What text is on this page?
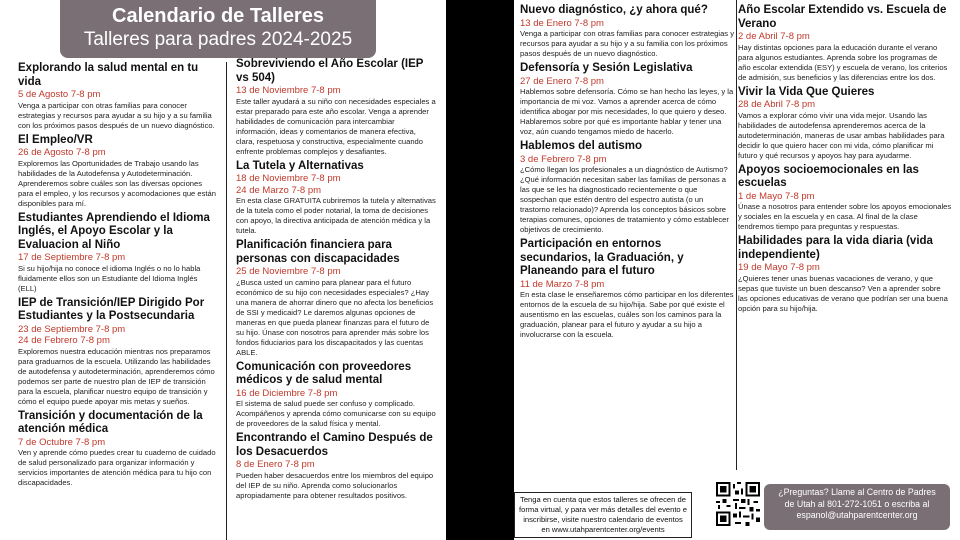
Calendario de Talleres
Talleres para padres 2024-2025
Explorando la salud mental en tu vida
5 de Agosto 7-8 pm
Venga a participar con otras familias para conocer estrategias y recursos para ayudar a su hijo y a su familia con los próximos pasos después de un nuevo diagnóstico.
El Empleo/VR
26 de Agosto 7-8 pm
Exploremos las Oportunidades de Trabajo usando las habilidades de la Autodefensa y Autodeterminación. Aprenderemos sobre cuáles son las diversas opciones para el empleo, y los recursos y acomodaciones que están disponibles para mí.
Estudiantes Aprendiendo el Idioma Inglés, el Apoyo Escolar y la Evaluacion al Niño
17 de Septiembre 7-8 pm
Si su hijo/hija no conoce el idioma Inglés o no lo habla fluidamente ellos son un Estudiante del Idioma Inglés (ELL)
IEP de Transición/IEP Dirigido Por Estudiantes y la Postsecundaria
23 de Septiembre 7-8 pm
24 de Febrero 7-8 pm
Exploremos nuestra educación mientras nos preparamos para graduarnos de la escuela. Utilizando las habilidades de autodefensa y autodeterminación, aprenderemos cómo podemos ser parte de nuestro plan de IEP de transición para la escuela, planificar nuestro equipo de transición y cómo el equipo puede apoyar mis metas y sueños.
Transición y documentación de la atención médica
7 de Octubre 7-8 pm
Ven y aprende cómo puedes crear tu cuaderno de cuidado de salud personalizado para organizar información y servicios importantes de atención médica para tu hijo con discapacidades.
Sobreviviendo el Año Escolar (IEP vs 504)
13 de Noviembre 7-8 pm
Este taller ayudará a su niño con necesidades especiales a estar preparado para este año escolar. Venga a aprender habilidades de comunicación para intercambiar información, ideas y comentarios de manera efectiva, clara, respetuosa y constructiva, especialmente cuando enfrente problemas complejos y desafiantes.
La Tutela y Alternativas
18 de Noviembre 7-8 pm
24 de Marzo 7-8 pm
En esta clase GRATUITA cubriremos la tutela y alternativas de la tutela como el poder notarial, la toma de decisiones con apoyo, la directiva anticipada de atención médica y la tutela.
Planificación financiera para personas con discapacidades
25 de Noviembre 7-8 pm
¿Busca usted un camino para planear para el futuro económico de su hijo con necesidades especiales? ¿Hay una manera de ahorrar dinero que no afecta los beneficios de SSI y medicaid? Le daremos algunas opciones de maneras en que pueda planear finanzas para el futuro de su hijo. Únase con nosotros para aprender más sobre los fondos fiduciarios para los discapacitados y las cuentas ABLE.
Comunicación con proveedores médicos y de salud mental
16 de Diciembre 7-8 pm
El sistema de salud puede ser confuso y complicado. Acompáñenos y aprenda cómo comunicarse con su equipo de proveedores de la salud física y mental.
Encontrando el Camino Después de los Desacuerdos
8 de Enero 7-8 pm
Pueden haber desacuerdos entre los miembros del equipo del IEP de su niño. Aprenda como solucionarlos apropiadamente para obtener resultados positivos.
Nuevo diagnóstico, ¿y ahora qué?
13 de Enero 7-8 pm
Venga a participar con otras familias para conocer estrategias y recursos para ayudar a su hijo y a su familia con los próximos pasos después de un nuevo diagnóstico.
Defensoría y Sesión Legislativa
27 de Enero 7-8 pm
Hablemos sobre defensoría. Cómo se han hecho las leyes, y la importancia de mi voz. Vamos a aprender acerca de cómo identifica abogar por mis necesidades, lo que quiero y deseo. Hablaremos sobre por qué es importante hablar y tener una voz, aún cuando tengamos miedo de hacerlo.
Hablemos del autismo
3 de Febrero 7-8 pm
¿Cómo llegan los profesionales a un diagnóstico de Autismo? ¿Qué información necesitan saber las familias de personas a las que se les ha diagnosticado recientemente o que sospechan que estén dentro del espectro autista (o un trastorno relacionado)? Aprenda los conceptos básicos sobre terapias comunes, opciones de tratamiento y cómo establecer objetivos de crecimiento.
Participación en entornos secundarios, la Graduación, y Planeando para el futuro
11 de Marzo 7-8 pm
En esta clase le enseñaremos cómo participar en los diferentes entornos de la escuela de su hijo/hija. Sabe por qué existe el ausentismo en las escuelas, cuáles son los caminos para la graduación, planear para el futuro y ayudar a su hijo a involucrarse con la escuela.
Año Escolar Extendido vs. Escuela de Verano
2 de Abril 7-8 pm
Hay distintas opciones para la educación durante el verano para algunos estudiantes. Aprenda sobre los programas de año escolar extendida (ESY) y escuela de verano, los criterios de admisión, sus beneficios y las diferencias entre los dos.
Vivir la Vida Que Quieres
28 de Abril 7-8 pm
Vamos a explorar cómo vivir una vida mejor. Usando las habilidades de autodefensa aprenderemos acerca de la autodeterminación, maneras de usar ambas habilidades para decidir lo que quiero hacer con mi vida, cómo planificar mi futuro y qué recursos y apoyos hay para ayudarme.
Apoyos socioemocionales en las escuelas
1 de Mayo 7-8 pm
Únase a nosotros para entender sobre los apoyos emocionales y sociales en la escuela y en casa. Al final de la clase tendremos tiempo para preguntas y respuestas.
Habilidades para la vida diaria (vida independiente)
19 de Mayo 7-8 pm
¿Quieres tener unas buenas vacaciones de verano, y que sepas que tuviste un buen descanso? Ven a aprender sobre las opciones educativas de verano que podrían ser una buena opción para su hijo/hija.
Tenga en cuenta que estos talleres se ofrecen de forma virtual, y para ver más detalles del evento e inscribirse, visite nuestro calendario de eventos en www.utahparentcenter.org/events
¿Preguntas? Llame al Centro de Padres
de Utah al 801-272-1051 o escriba al
espanol@utahparentcenter.org
